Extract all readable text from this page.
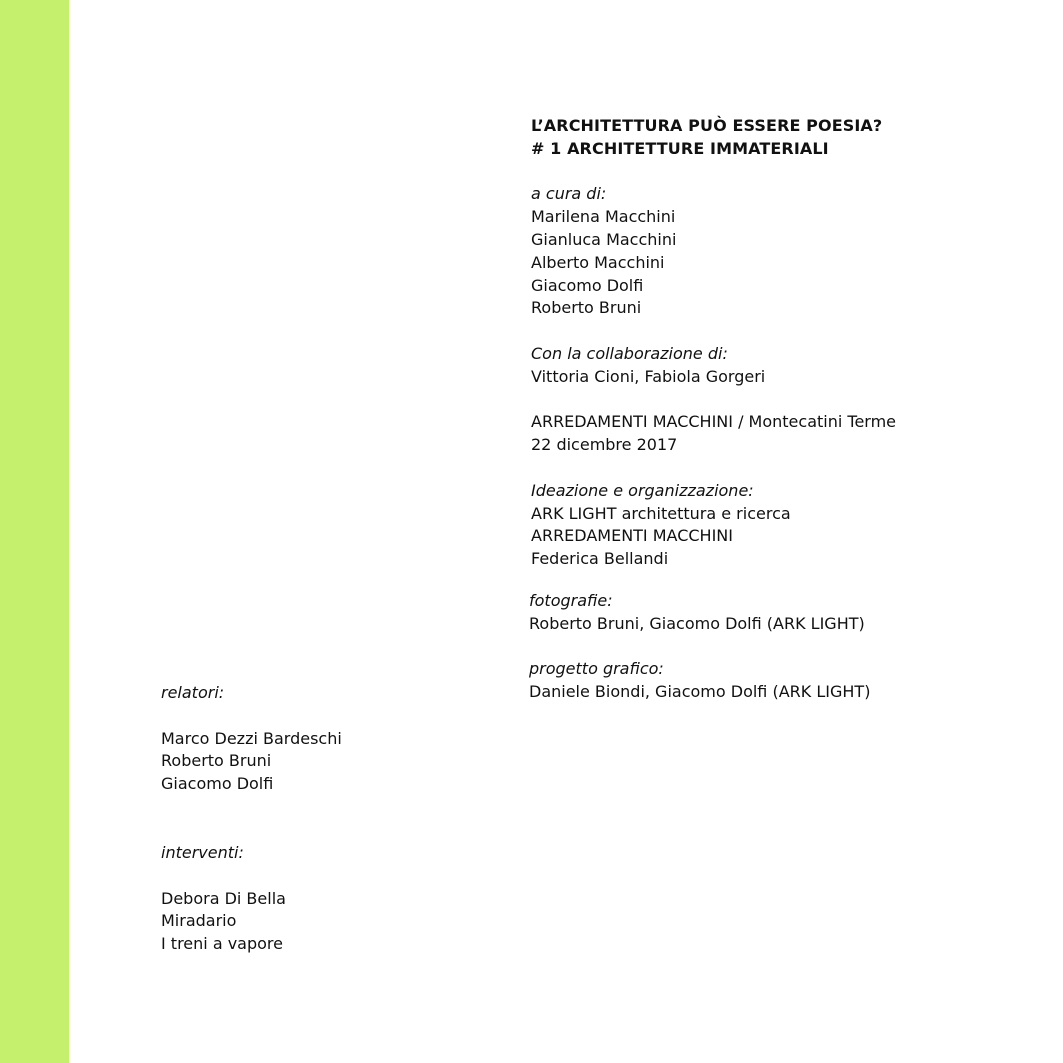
L’ARCHITETTURA PUÒ ESSERE POESIA?
# 1 ARCHITETTURE IMMATERIALI
a cura di:
Marilena Macchini
Gianluca Macchini
Alberto Macchini
Giacomo Dolfi
Roberto Bruni
Con la collaborazione di:
Vittoria Cioni, Fabiola Gorgeri
ARREDAMENTI MACCHINI / Montecatini Terme
22 dicembre 2017
Ideazione e organizzazione:
ARK LIGHT architettura e ricerca
ARREDAMENTI MACCHINI
Federica Bellandi
fotografie:
Roberto Bruni, Giacomo Dolfi (ARK LIGHT)
progetto grafico:
Daniele Biondi, Giacomo Dolfi (ARK LIGHT)
relatori:
Marco Dezzi Bardeschi
Roberto Bruni
Giacomo Dolfi
interventi:
Debora Di Bella
Miradario
I treni a vapore
